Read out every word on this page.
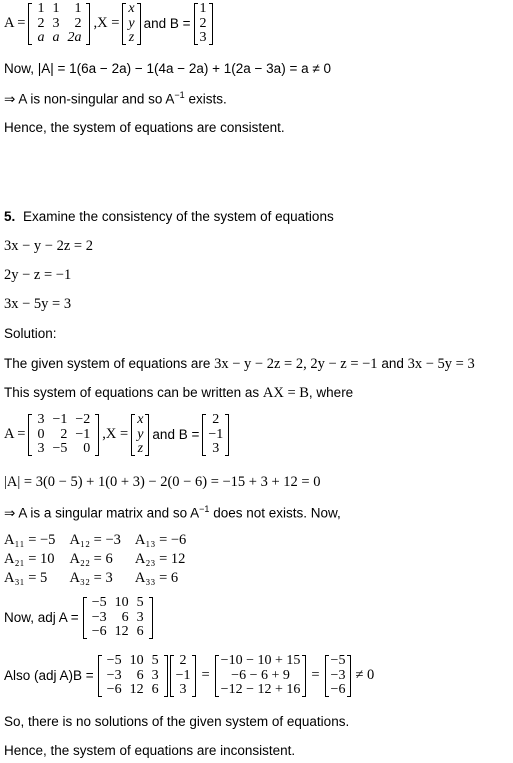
A =
1	1	1
2	3	2
a	a	2a
,X =
x
y
z
and B =
1
2
3
Now, |A| = 1(6a − 2a) − 1(4a − 2a) + 1(2a − 3a) = a ≠ 0
⇒ A is non-singular and so $A^{-1}$ exists.
Hence, the system of equations are consistent.
5. Examine the consistency of the system of equations
3x − y − 2z = 2
2y − z = −1
3x − 5y = 3
Solution:
The given system of equations are 3x − y − 2z = 2, 2y − z = −1 and 3x − 5y = 3
This system of equations can be written as AX = B, where
A =
3	−1	−2
0	2	−1
3	−5	0
,X =
x
y
z
and B =
2
−1
3
|A| = 3(0 − 5) + 1(0 + 3) − 2(0 − 6) = −15 + 3 + 12 = 0
⇒ A is a singular matrix and so $A^{-1}$ does not exists. Now,
A₁₁ = −5	A₁₂ = −3	A₁₃ = −6
A₂₁ = 10	A₂₂ = 6	A₂₃ = 12
A₃₁ = 5	A₃₂ = 3	A₃₃ = 6
Now, adj A =
−5	10	5
−3	6	3
−6	12	6
Also (adj A)B =
−5	10	5
−3	6	3
−6	12	6
2
−1
3
=
−10 − 10 + 15
−6 − 6 + 9
−12 − 12 + 16
=
−5
−3
−6
≠ 0
So, there is no solutions of the given system of equations.
Hence, the system of equations are inconsistent.
